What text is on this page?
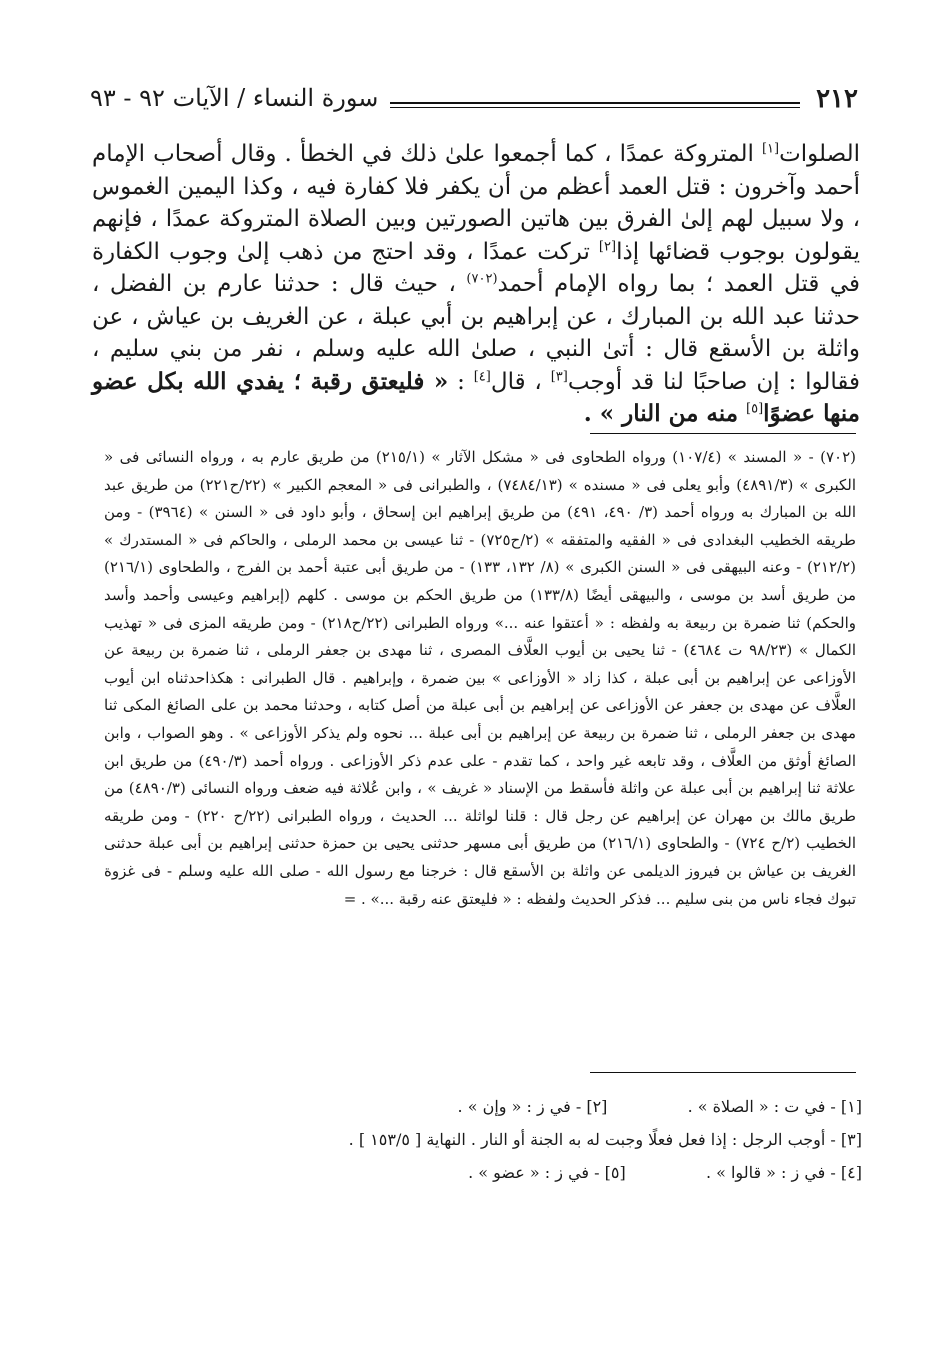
٢١٢
سورة النساء / الآيات ٩٢ - ٩٣

الصلوات[١] المتروكة عمدًا ، كما أجمعوا علىٰ ذلك في الخطأ . وقال أصحاب الإمام أحمد وآخرون : قتل العمد أعظم من أن يكفر فلا كفارة فيه ، وكذا اليمين الغموس ، ولا سبيل لهم إلىٰ الفرق بين هاتين الصورتين وبين الصلاة المتروكة عمدًا ، فإنهم يقولون بوجوب قضائها إذا[٢] تركت عمدًا ، وقد احتج من ذهب إلىٰ وجوب الكفارة في قتل العمد ؛ بما رواه الإمام أحمد$^{(٧٠٢)}$ ، حيث قال : حدثنا عارم بن الفضل ، حدثنا عبد الله بن المبارك ، عن إبراهيم بن أبي عبلة ، عن الغريف بن عياش ، عن واثلة بن الأسقع قال : أتىٰ النبي ، صلىٰ الله عليه وسلم ، نفر من بني سليم ، فقالوا : إن صاحبًا لنا قد أوجب[٣] ، قال[٤] : « فليعتق رقبة ؛ يفدي الله بكل عضو منها عضوًا[٥] منه من النار » .

(٧٠٢) - « المسند » (١٠٧/٤) ورواه الطحاوى فى « مشكل الآثار » (٢١٥/١) من طريق عارم به ، ورواه النسائى فى « الكبرى » (٤٨٩١/٣) وأبو يعلى فى « مسنده » (٧٤٨٤/١٣) ، والطبرانى فى « المعجم الكبير » (٢٢/ح٢٢١) من طريق عبد الله بن المبارك به ورواه أحمد (٣/ ٤٩٠، ٤٩١) من طريق إبراهيم ابن إسحاق ، وأبو داود فى « السنن » (٣٩٦٤) - ومن طريقه الخطيب البغدادى فى « الفقيه والمتفقه » (٢/ح٧٢٥) - ثنا عيسى بن محمد الرملى ، والحاكم فى « المستدرك » (٢١٢/٢) - وعنه البيهقى فى « السنن الكبرى » (٨/ ١٣٢، ١٣٣) - من طريق أبى عتبة أحمد بن الفرج ، والطحاوى (٢١٦/١) من طريق أسد بن موسى ، والبيهقى أيضًا (١٣٣/٨) من طريق الحكم بن موسى . كلهم (إبراهيم وعيسى وأحمد وأسد والحكم) ثنا ضمرة بن ربيعة به ولفظه : « أعتقوا عنه ...» ورواه الطبرانى (٢٢/ح٢١٨) - ومن طريقه المزى فى « تهذيب الكمال » (٩٨/٢٣ ت ٤٦٨٤) - ثنا يحيى بن أيوب العلَّاف المصرى ، ثنا مهدى بن جعفر الرملى ، ثنا ضمرة بن ربيعة عن الأوزاعى عن إبراهيم بن أبى عبلة ، كذا زاد « الأوزاعى » بين ضمرة ، وإبراهيم . قال الطبرانى : هكذاحدثناه ابن أيوب العلَّاف عن مهدى بن جعفر عن الأوزاعى عن إبراهيم بن أبى عبلة من أصل كتابه ، وحدثنا محمد بن على الصائغ المكى ثنا مهدى بن جعفر الرملى ، ثنا ضمرة بن ربيعة عن إبراهيم بن أبى عبلة ... نحوه ولم يذكر الأوزاعى » . وهو الصواب ، وابن الصائغ أوثق من العلَّاف ، وقد تابعه غير واحد ، كما تقدم - على عدم ذكر الأوزاعى . ورواه أحمد (٤٩٠/٣) من طريق ابن علاثة ثنا إبراهيم بن أبى عبلة عن واثلة فأسقط من الإسناد « غريف » ، وابن عُلاثة فيه ضعف ورواه النسائى (٤٨٩٠/٣) من طريق مالك بن مهران عن إبراهيم عن رجل قال : قلنا لواثلة ... الحديث ، ورواه الطبرانى (٢٢/ح ٢٢٠) - ومن طريقه الخطيب (٢/ح ٧٢٤) - والطحاوى (٢١٦/١) من طريق أبى مسهر حدثنى يحيى بن حمزة حدثنى إبراهيم بن أبى عبلة حدثنى الغريف بن عياش بن فيروز الديلمى عن واثلة بن الأسقع قال : خرجنا مع رسول الله - صلى الله عليه وسلم - فى غزوة تبوك فجاء ناس من بنى سليم ... فذكر الحديث ولفظه : « فليعتق عنه رقبة ...» . =

[١] - في ت : « الصلاة » .  [٢] - في ز : « وإن » .
[٣] - أوجب الرجل : إذا فعل فعلًا وجبت له به الجنة أو النار . النهاية [ ١٥٣/٥ ] .
[٤] - في ز : « قالوا » .  [٥] - في ز : « عضو » .
